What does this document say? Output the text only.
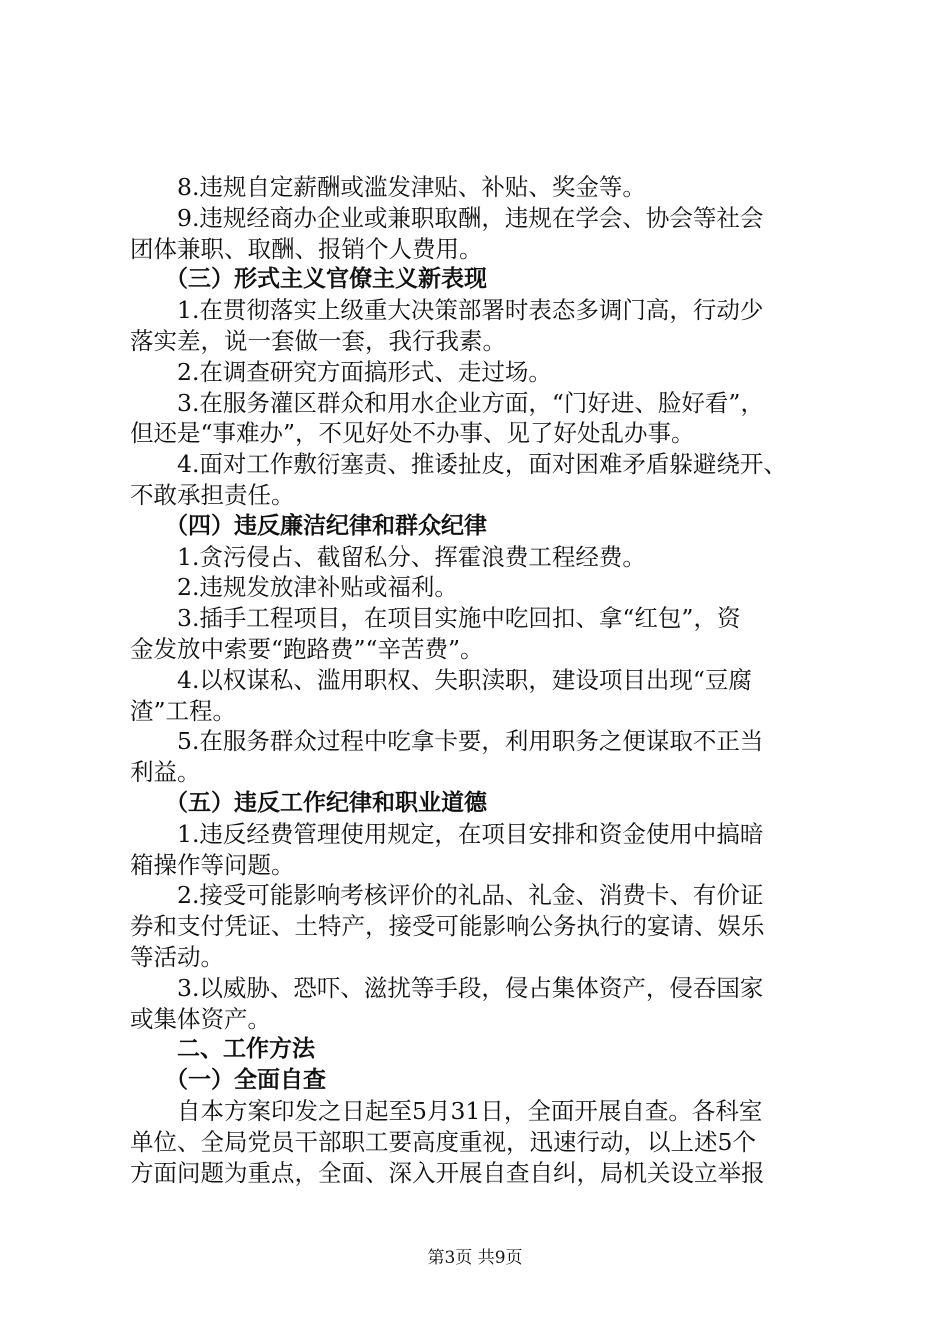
8.违规自定薪酬或滥发津贴、补贴、奖金等。
9.违规经商办企业或兼职取酬，违规在学会、协会等社会
团体兼职、取酬、报销个人费用。
（三）形式主义官僚主义新表现
1.在贯彻落实上级重大决策部署时表态多调门高，行动少
落实差，说一套做一套，我行我素。
2.在调查研究方面搞形式、走过场。
3.在服务灌区群众和用水企业方面，“门好进、脸好看”，
但还是“事难办”，不见好处不办事、见了好处乱办事。
4.面对工作敷衍塞责、推诿扯皮，面对困难矛盾躲避绕开、
不敢承担责任。
（四）违反廉洁纪律和群众纪律
1.贪污侵占、截留私分、挥霍浪费工程经费。
2.违规发放津补贴或福利。
3.插手工程项目，在项目实施中吃回扣、拿“红包”，资
金发放中索要“跑路费”“辛苦费”。
4.以权谋私、滥用职权、失职渎职，建设项目出现“豆腐
渣”工程。
5.在服务群众过程中吃拿卡要，利用职务之便谋取不正当
利益。
（五）违反工作纪律和职业道德
1.违反经费管理使用规定，在项目安排和资金使用中搞暗
箱操作等问题。
2.接受可能影响考核评价的礼品、礼金、消费卡、有价证
券和支付凭证、土特产，接受可能影响公务执行的宴请、娱乐
等活动。
3.以威胁、恐吓、滋扰等手段，侵占集体资产，侵吞国家
或集体资产。
二、工作方法
（一）全面自查
自本方案印发之日起至5月31日，全面开展自查。各科室
单位、全局党员干部职工要高度重视，迅速行动，以上述5个
方面问题为重点，全面、深入开展自查自纠，局机关设立举报
第3页 共9页
